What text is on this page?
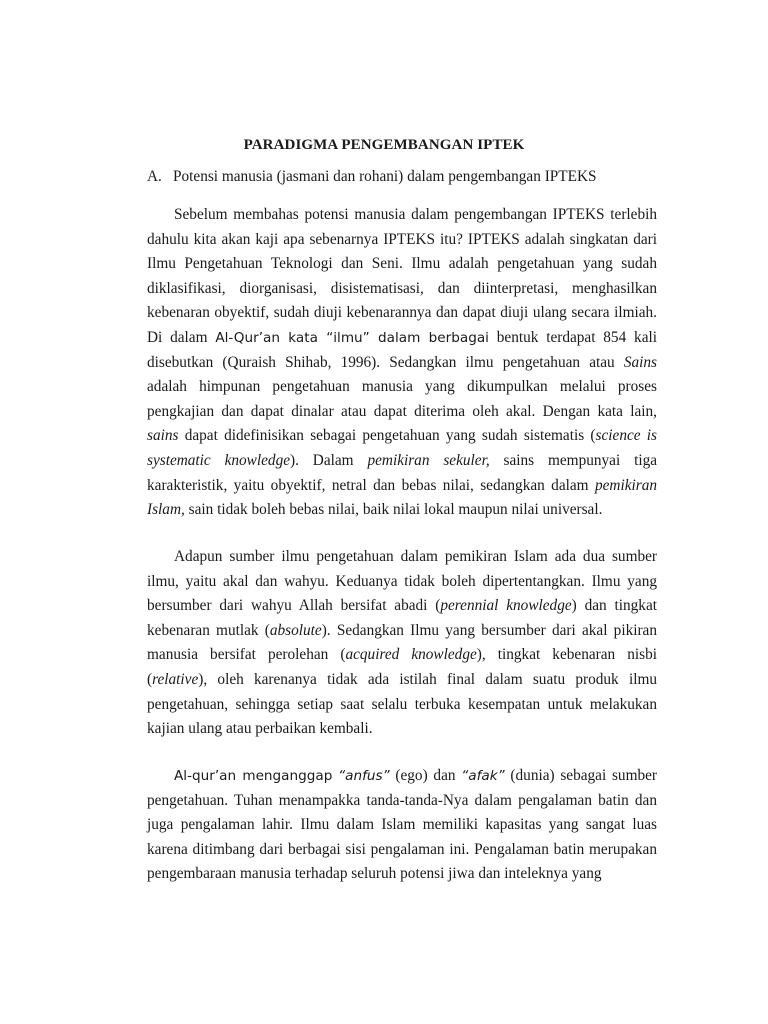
PARADIGMA PENGEMBANGAN IPTEK
A. Potensi manusia (jasmani dan rohani) dalam pengembangan IPTEKS
Sebelum membahas potensi manusia dalam pengembangan IPTEKS terlebih
dahulu kita akan kaji apa sebenarnya IPTEKS itu? IPTEKS adalah singkatan dari
Ilmu Pengetahuan Teknologi dan Seni. Ilmu adalah pengetahuan yang sudah
diklasifikasi, diorganisasi, disistematisasi, dan diinterpretasi, menghasilkan
kebenaran obyektif, sudah diuji kebenarannya dan dapat diuji ulang secara ilmiah.
Di dalam Al-Qur’an kata “ilmu” dalam berbagai bentuk terdapat 854 kali
disebutkan (Quraish Shihab, 1996). Sedangkan ilmu pengetahuan atau Sains
adalah himpunan pengetahuan manusia yang dikumpulkan melalui proses
pengkajian dan dapat dinalar atau dapat diterima oleh akal. Dengan kata lain,
sains dapat didefinisikan sebagai pengetahuan yang sudah sistematis (science is
systematic knowledge). Dalam pemikiran sekuler, sains mempunyai tiga
karakteristik, yaitu obyektif, netral dan bebas nilai, sedangkan dalam pemikiran
Islam, sain tidak boleh bebas nilai, baik nilai lokal maupun nilai universal.
Adapun sumber ilmu pengetahuan dalam pemikiran Islam ada dua sumber
ilmu, yaitu akal dan wahyu. Keduanya tidak boleh dipertentangkan. Ilmu yang
bersumber dari wahyu Allah bersifat abadi (perennial knowledge) dan tingkat
kebenaran mutlak (absolute). Sedangkan Ilmu yang bersumber dari akal pikiran
manusia bersifat perolehan (acquired knowledge), tingkat kebenaran nisbi
(relative), oleh karenanya tidak ada istilah final dalam suatu produk ilmu
pengetahuan, sehingga setiap saat selalu terbuka kesempatan untuk melakukan
kajian ulang atau perbaikan kembali.
Al-qur’an menganggap “anfus” (ego) dan “afak” (dunia) sebagai sumber
pengetahuan. Tuhan menampakka tanda-tanda-Nya dalam pengalaman batin dan
juga pengalaman lahir. Ilmu dalam Islam memiliki kapasitas yang sangat luas
karena ditimbang dari berbagai sisi pengalaman ini. Pengalaman batin merupakan
pengembaraan manusia terhadap seluruh potensi jiwa dan inteleknya yang
